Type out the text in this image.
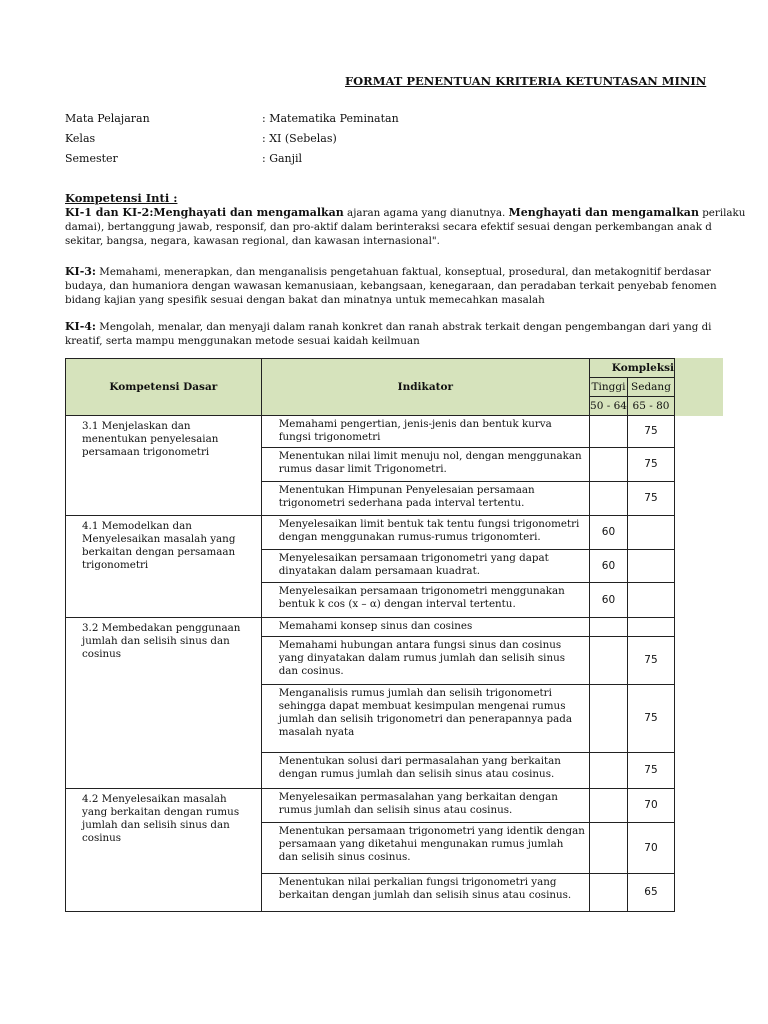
FORMAT PENENTUAN KRITERIA KETUNTASAN MININ
Mata Pelajaran	: Matematika Peminatan
Kelas	: XI (Sebelas)
Semester	: Ganjil
Kompetensi Inti :
KI-1 dan KI-2:Menghayati dan mengamalkan ajaran agama yang dianutnya. Menghayati dan mengamalkan perilaku
damai), bertanggung jawab, responsif, dan pro-aktif dalam berinteraksi secara efektif sesuai dengan perkembangan anak d
sekitar, bangsa, negara, kawasan regional, dan kawasan internasional".
KI-3: Memahami, menerapkan, dan menganalisis pengetahuan faktual, konseptual, prosedural, dan metakognitif berdasar
budaya, dan humaniora dengan wawasan kemanusiaan, kebangsaan, kenegaraan, dan peradaban terkait penyebab fenomen
bidang kajian yang spesifik sesuai dengan bakat dan minatnya untuk memecahkan masalah
KI-4: Mengolah, menalar, dan menyaji dalam ranah konkret dan ranah abstrak terkait dengan pengembangan dari yang di
kreatif, serta mampu menggunakan metode sesuai kaidah keilmuan
Kompetensi Dasar	Indikator	Kompleksi	
		Tinggi	Sedang
		50 - 64	65 - 80
3.1 Menjelaskan dan menentukan penyelesaian persamaan trigonometri	Memahami pengertian, jenis-jenis dan bentuk kurva fungsi trigonometri		75
	Menentukan nilai limit menuju nol, dengan menggunakan rumus dasar limit Trigonometri.		75
	Menentukan Himpunan Penyelesaian persamaan trigonometri sederhana pada interval tertentu.		75
4.1 Memodelkan dan Menyelesaikan masalah yang berkaitan dengan persamaan trigonometri	Menyelesaikan limit bentuk tak tentu fungsi trigonometri dengan menggunakan rumus-rumus trigonomteri.	60	
	Menyelesaikan persamaan trigonometri yang dapat dinyatakan dalam persamaan kuadrat.	60	
	Menyelesaikan persamaan trigonometri menggunakan bentuk k cos (x – α) dengan interval tertentu.	60	
3.2 Membedakan penggunaan jumlah dan selisih sinus dan cosinus	Memahami konsep sinus dan cosines		
	Memahami hubungan antara fungsi sinus dan cosinus yang dinyatakan dalam rumus jumlah dan selisih sinus dan cosinus.		75
	Menganalisis rumus jumlah dan selisih trigonometri sehingga dapat membuat kesimpulan mengenai rumus jumlah dan selisih trigonometri dan penerapannya pada masalah nyata		75
	Menentukan solusi dari permasalahan yang berkaitan dengan rumus jumlah dan selisih sinus atau cosinus.		75
4.2 Menyelesaikan masalah yang berkaitan dengan rumus jumlah dan selisih sinus dan cosinus	Menyelesaikan permasalahan yang berkaitan dengan rumus jumlah dan selisih sinus atau cosinus.		70
	Menentukan persamaan trigonometri yang identik dengan persamaan yang diketahui mengunakan rumus jumlah dan selisih sinus cosinus.		70
	Menentukan nilai perkalian fungsi trigonometri yang berkaitan dengan jumlah dan selisih sinus atau cosinus.		65
